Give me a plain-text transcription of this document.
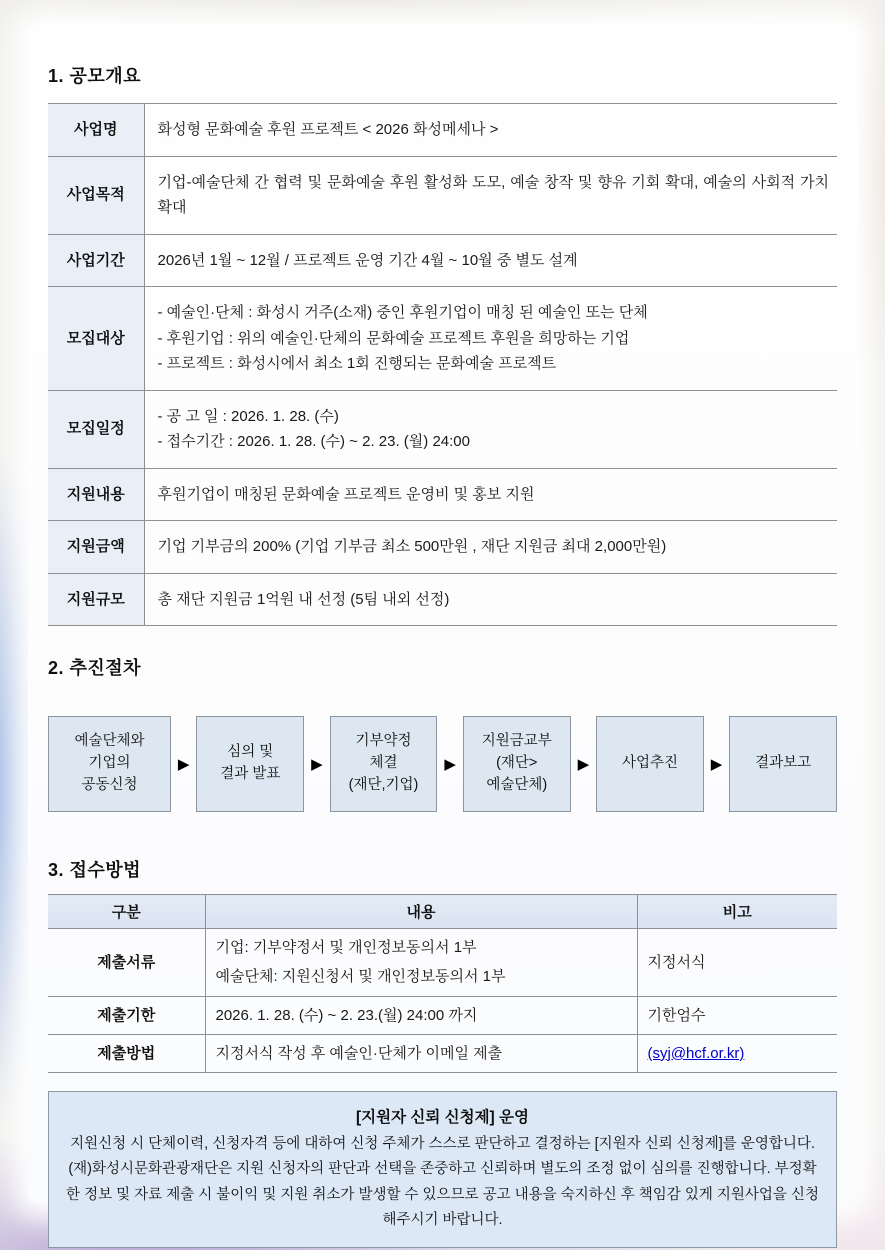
1. 공모개요
사업명	화성형 문화예술 후원 프로젝트 < 2026 화성메세나 >

사업목적	기업-예술단체 간 협력 및 문화예술 후원 활성화 도모, 예술 창작 및 향유 기회 확대, 예술의 사회적 가치 확대

사업기간	2026년 1월 ~ 12월 / 프로젝트 운영 기간 4월 ~ 10월 중 별도 설계

모집대상	- 예술인·단체 : 화성시 거주(소재) 중인 후원기업이 매칭 된 예술인 또는 단체
- 후원기업 : 위의 예술인·단체의 문화예술 프로젝트 후원을 희망하는 기업
- 프로젝트 : 화성시에서 최소 1회 진행되는 문화예술 프로젝트

모집일정	- 공 고 일 : 2026. 1. 28. (수)
- 접수기간 : 2026. 1. 28. (수) ~ 2. 23. (월) 24:00

지원내용	후원기업이 매칭된 문화예술 프로젝트 운영비 및 홍보 지원

지원금액	기업 기부금의 200% (기업 기부금 최소 500만원 , 재단 지원금 최대 2,000만원)

지원규모	총 재단 지원금 1억원 내 선정 (5팀 내외 선정)
2. 추진절차
예술단체와
기업의
공동신청
▶
심의 및
결과 발표
▶
기부약정
체결
(재단,기업)
▶
지원금교부
(재단>
예술단체)
▶	사업추진	▶	결과보고
3. 접수방법
구분	내용	비고
제출서류	기업: 기부약정서 및 개인정보동의서 1부
예술단체: 지원신청서 및 개인정보동의서 1부	지정서식
제출기한	2026. 1. 28. (수) ~ 2. 23.(월) 24:00 까지	기한엄수
제출방법	지정서식 작성 후 예술인·단체가 이메일 제출	(syj@hcf.or.kr)
[지원자 신뢰 신청제] 운영

지원신청 시 단체이력, 신청자격 등에 대하여 신청 주체가 스스로 판단하고 결정하는 [지원자 신뢰 신청제]를 운영합니다. (재)화성시문화관광재단은 지원 신청자의 판단과 선택을 존중하고 신뢰하며 별도의 조정 없이 심의를 진행합니다. 부정확한 정보 및 자료 제출 시 불이익 및 지원 취소가 발생할 수 있으므로 공고 내용을 숙지하신 후 책임감 있게 지원사업을 신청해주시기 바랍니다.
